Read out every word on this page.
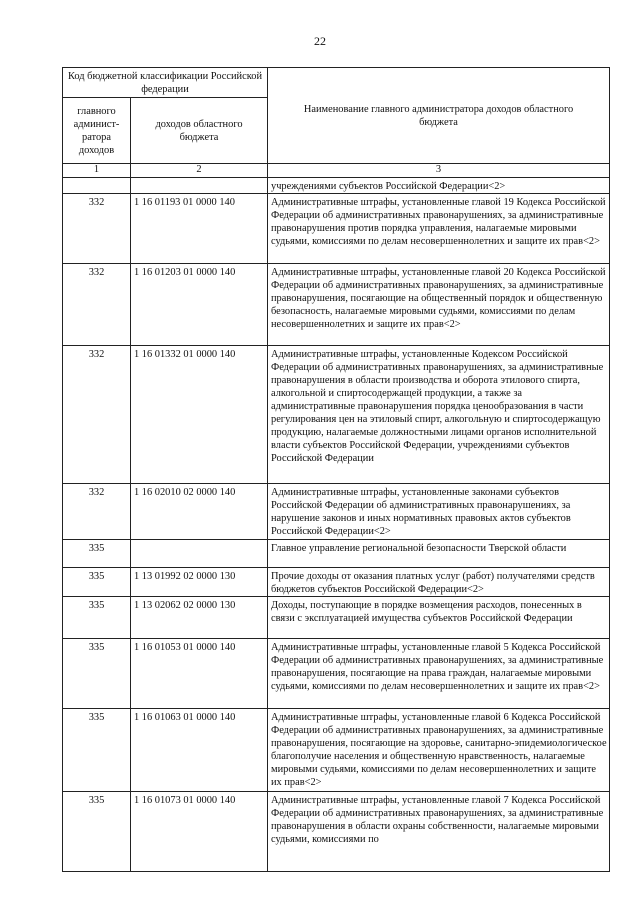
22
Код бюджетной классификации Российской федерации		Наименование главного администратора доходов областного бюджета
главного админист-ратора доходов	доходов областного бюджета	
1	2	3
		учреждениями субъектов Российской Федерации<2>
332	1 16 01193 01 0000 140	Административные штрафы, установленные главой 19 Кодекса Российской Федерации об административных правонарушениях, за административные правонарушения против порядка управления, налагаемые мировыми судьями, комиссиями по делам несовершеннолетних и защите их прав<2>
332	1 16 01203 01 0000 140	Административные штрафы, установленные главой 20 Кодекса Российской Федерации об административных правонарушениях, за административные правонарушения, посягающие на общественный порядок и общественную безопасность, налагаемые мировыми судьями, комиссиями по делам несовершеннолетних и защите их прав<2>
332	1 16 01332 01 0000 140	Административные штрафы, установленные Кодексом Российской Федерации об административных правонарушениях, за административные правонарушения в области производства и оборота этилового спирта, алкогольной и спиртосодержащей продукции, а также за административные правонарушения порядка ценообразования в части регулирования цен на этиловый спирт, алкогольную и спиртосодержащую продукцию, налагаемые должностными лицами органов исполнительной власти субъектов Российской Федерации, учреждениями субъектов Российской Федерации
332	1 16 02010 02 0000 140	Административные штрафы, установленные законами субъектов Российской Федерации об административных правонарушениях, за нарушение законов и иных нормативных правовых актов субъектов Российской Федерации<2>
335		Главное управление региональной безопасности Тверской области
335	1 13 01992 02 0000 130	Прочие доходы от оказания платных услуг (работ) получателями средств бюджетов субъектов Российской Федерации<2>
335	1 13 02062 02 0000 130	Доходы, поступающие в порядке возмещения расходов, понесенных в связи с эксплуатацией имущества субъектов Российской Федерации
335	1 16 01053 01 0000 140	Административные штрафы, установленные главой 5 Кодекса Российской Федерации об административных правонарушениях, за административные правонарушения, посягающие на права граждан, налагаемые мировыми судьями, комиссиями по делам несовершеннолетних и защите их прав<2>
335	1 16 01063 01 0000 140	Административные штрафы, установленные главой 6 Кодекса Российской Федерации об административных правонарушениях, за административные правонарушения, посягающие на здоровье, санитарно-эпидемиологическое благополучие населения и общественную нравственность, налагаемые мировыми судьями, комиссиями по делам несовершеннолетних и защите их прав<2>
335	1 16 01073 01 0000 140	Административные штрафы, установленные главой 7 Кодекса Российской Федерации об административных правонарушениях, за административные правонарушения в области охраны собственности, налагаемые мировыми судьями, комиссиями по
